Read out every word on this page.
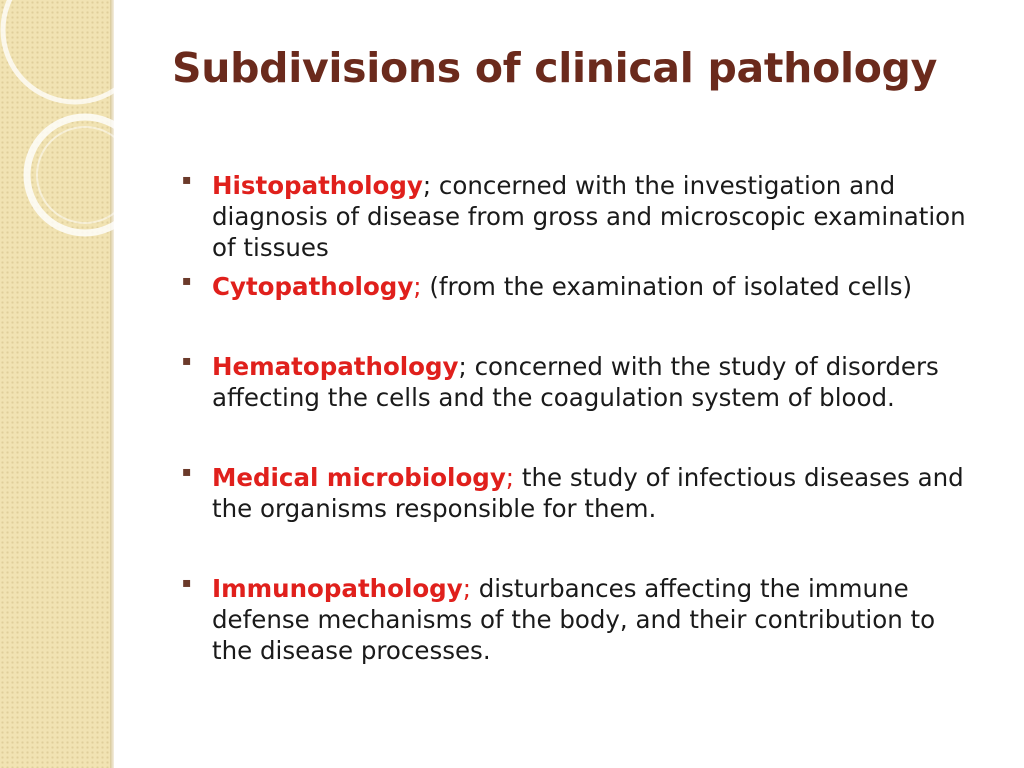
Subdivisions of clinical pathology
▪ Histopathology; concerned with the investigation and diagnosis of disease from gross and microscopic examination of tissues
▪ Cytopathology; (from the examination of isolated cells)
▪ Hematopathology; concerned with the study of disorders affecting the cells and the coagulation system of blood.
▪ Medical microbiology; the study of infectious diseases and the organisms responsible for them.
▪ Immunopathology; disturbances affecting the immune defense mechanisms of the body, and their contribution to the disease processes.
